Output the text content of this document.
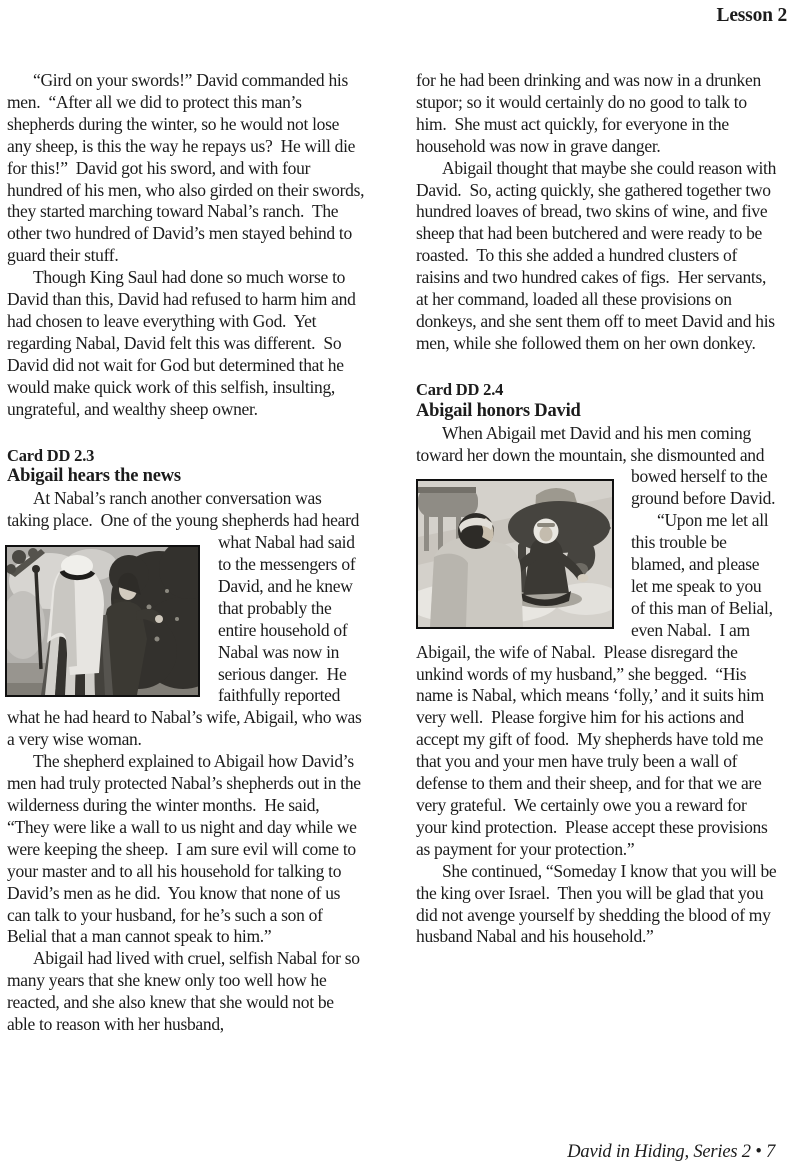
Lesson 2

“Gird on your swords!” David commanded his men.  “After all we did to protect this man’s shepherds during the winter, so he would not lose any sheep, is this the way he repays us?  He will die for this!”  David got his sword, and with four hundred of his men, who also girded on their swords, they started marching toward Nabal’s ranch.  The other two hundred of David’s men stayed behind to guard their stuff.

Though King Saul had done so much worse to David than this, David had refused to harm him and had chosen to leave everything with God.  Yet regarding Nabal, David felt this was different.  So David did not wait for God but determined that he would make quick work of this selfish, insulting, ungrateful, and wealthy sheep owner.

Card DD 2.3
Abigail hears the news

At Nabal’s ranch another conversation was taking place.  One of the young shepherds
had heard what Nabal had said to the messengers of David, and he knew that probably the entire household of Nabal was now in serious danger.  He faithfully reported what he had heard to Nabal’s wife, Abigail, who was a very wise woman.

The shepherd explained to Abigail how David’s men had truly protected Nabal’s shepherds out in the wilderness during the winter months.  He said, “They were like a wall to us night and day while we were keeping the sheep.  I am sure evil will come to your master and to all his household for talking to David’s men as he did.  You know that none of us can talk to your husband, for he’s such a son of Belial that a man cannot speak to him.”

Abigail had lived with cruel, selfish Nabal for so many years that she knew only too well how he reacted, and she also knew that she would not be able to reason with her husband,

for he had been drinking and was now in a drunken stupor; so it would certainly do no good to talk to him.  She must act quickly, for everyone in the household was now in grave danger.

Abigail thought that maybe she could reason with David.  So, acting quickly, she gathered together two hundred loaves of bread, two skins of wine, and five sheep that had been butchered and were ready to be roasted.  To this she added a hundred clusters of raisins and two hundred cakes of figs.  Her servants, at her command, loaded all these provisions on donkeys, and she sent them off to meet David and his men, while she followed them on her own donkey.

Card DD 2.4
Abigail honors David

When Abigail met David and his men coming toward her down the mountain, she
dismounted and bowed herself to the ground before David.

“Upon me let all this trouble be blamed, and please let me speak to you of this man of Belial, even Nabal.  I am Abigail, the wife of Nabal.  Please disregard the unkind words of my husband,” she begged.  “His name is Nabal, which means ‘folly,’ and it suits him very well.  Please forgive him for his actions and accept my gift of food.  My shepherds have told me that you and your men have truly been a wall of defense to them and their sheep, and for that we are very grateful.  We certainly owe you a reward for your kind protection.  Please accept these provisions as payment for your protection.”

She continued, “Someday I know that you will be the king over Israel.  Then you will be glad that you did not avenge yourself by shedding the blood of my husband Nabal and his household.”

David in Hiding, Series 2 • 7
